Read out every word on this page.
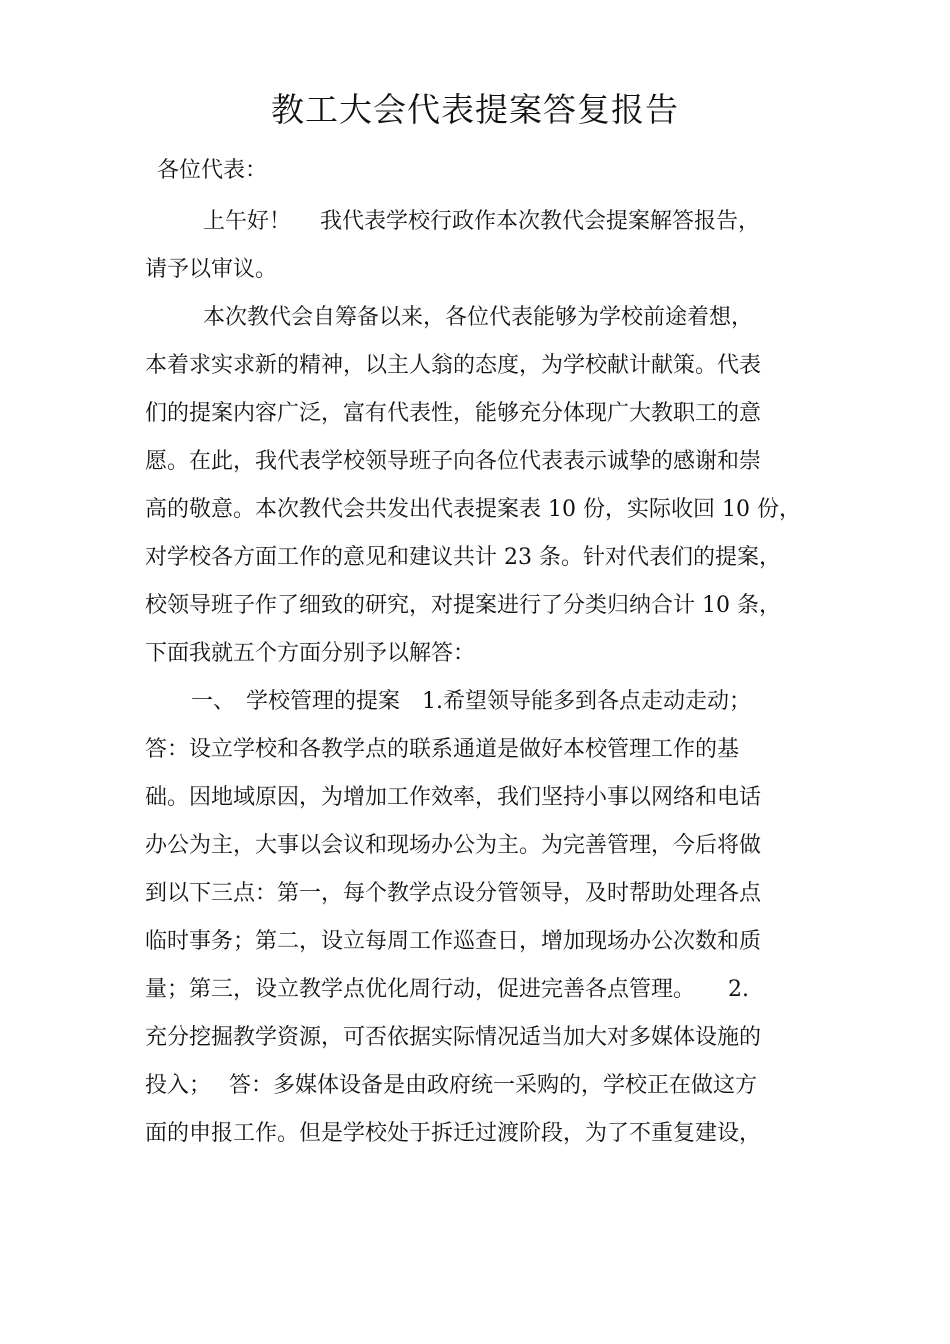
教工大会代表提案答复报告
各位代表：
上午好！　 我代表学校行政作本次教代会提案解答报告，
请予以审议。
本次教代会自筹备以来，各位代表能够为学校前途着想，
本着求实求新的精神，以主人翁的态度，为学校献计献策。代表
们的提案内容广泛，富有代表性，能够充分体现广大教职工的意
愿。在此，我代表学校领导班子向各位代表表示诚挚的感谢和崇
高的敬意。本次教代会共发出代表提案表 10 份，实际收回 10 份，
对学校各方面工作的意见和建议共计 23 条。针对代表们的提案，
校领导班子作了细致的研究，对提案进行了分类归纳合计 10 条，
下面我就五个方面分别予以解答：
一、　学校管理的提案　1.希望领导能多到各点走动走动；
答：设立学校和各教学点的联系通道是做好本校管理工作的基
础。因地域原因，为增加工作效率，我们坚持小事以网络和电话
办公为主，大事以会议和现场办公为主。为完善管理，今后将做
到以下三点：第一，每个教学点设分管领导，及时帮助处理各点
临时事务；第二，设立每周工作巡查日，增加现场办公次数和质
量；第三，设立教学点优化周行动，促进完善各点管理。　　2.
充分挖掘教学资源，可否依据实际情况适当加大对多媒体设施的
投入；　 答：多媒体设备是由政府统一采购的，学校正在做这方
面的申报工作。但是学校处于拆迁过渡阶段，为了不重复建设，
